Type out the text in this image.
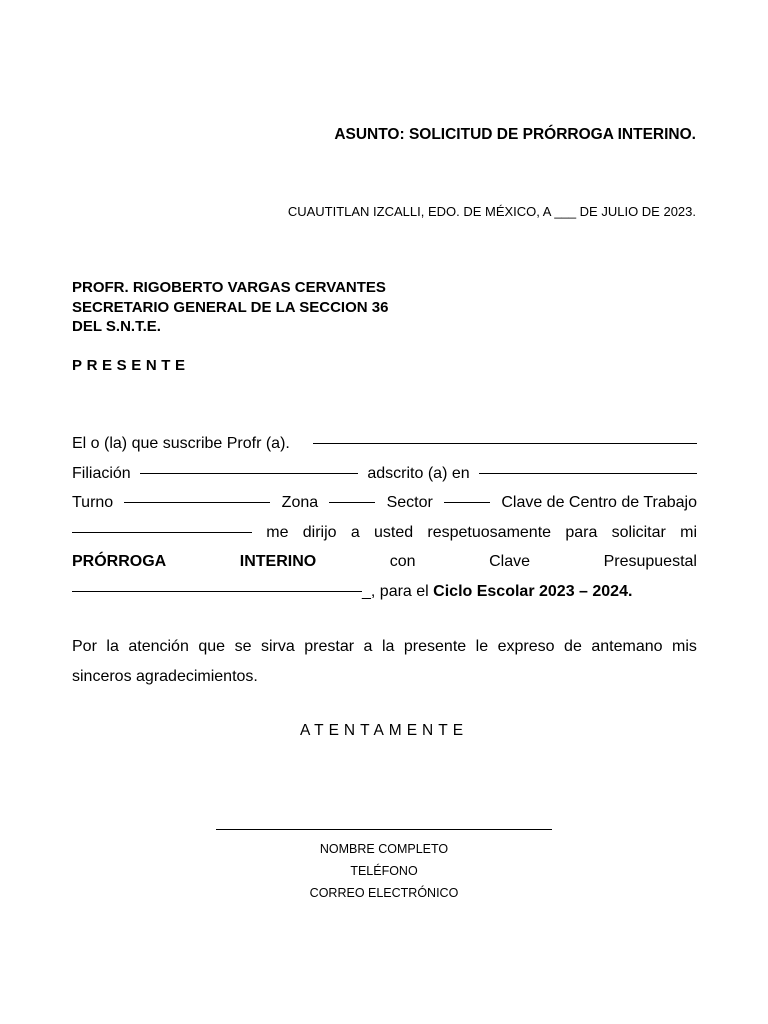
ASUNTO: SOLICITUD DE PRÓRROGA INTERINO.
CUAUTITLAN IZCALLI, EDO. DE MÉXICO, A ___ DE JULIO DE 2023.
PROFR. RIGOBERTO VARGAS CERVANTES
SECRETARIO GENERAL DE LA SECCION 36
DEL S.N.T.E.
PRESENTE
El o (la) que suscribe Profr (a).
Filiación	adscrito (a) en
Turno	Zona	Sector	Clave de Centro de Trabajo
me dirijo a usted respetuosamente para solicitar mi
PRÓRROGA	INTERINO	con	Clave	Presupuestal
_, para el
Ciclo Escolar 2023 – 2024.
Por la atención que se sirva prestar a la presente le expreso de antemano mis
sinceros agradecimientos.
ATENTAMENTE
NOMBRE COMPLETO
TELÉFONO
CORREO ELECTRÓNICO
